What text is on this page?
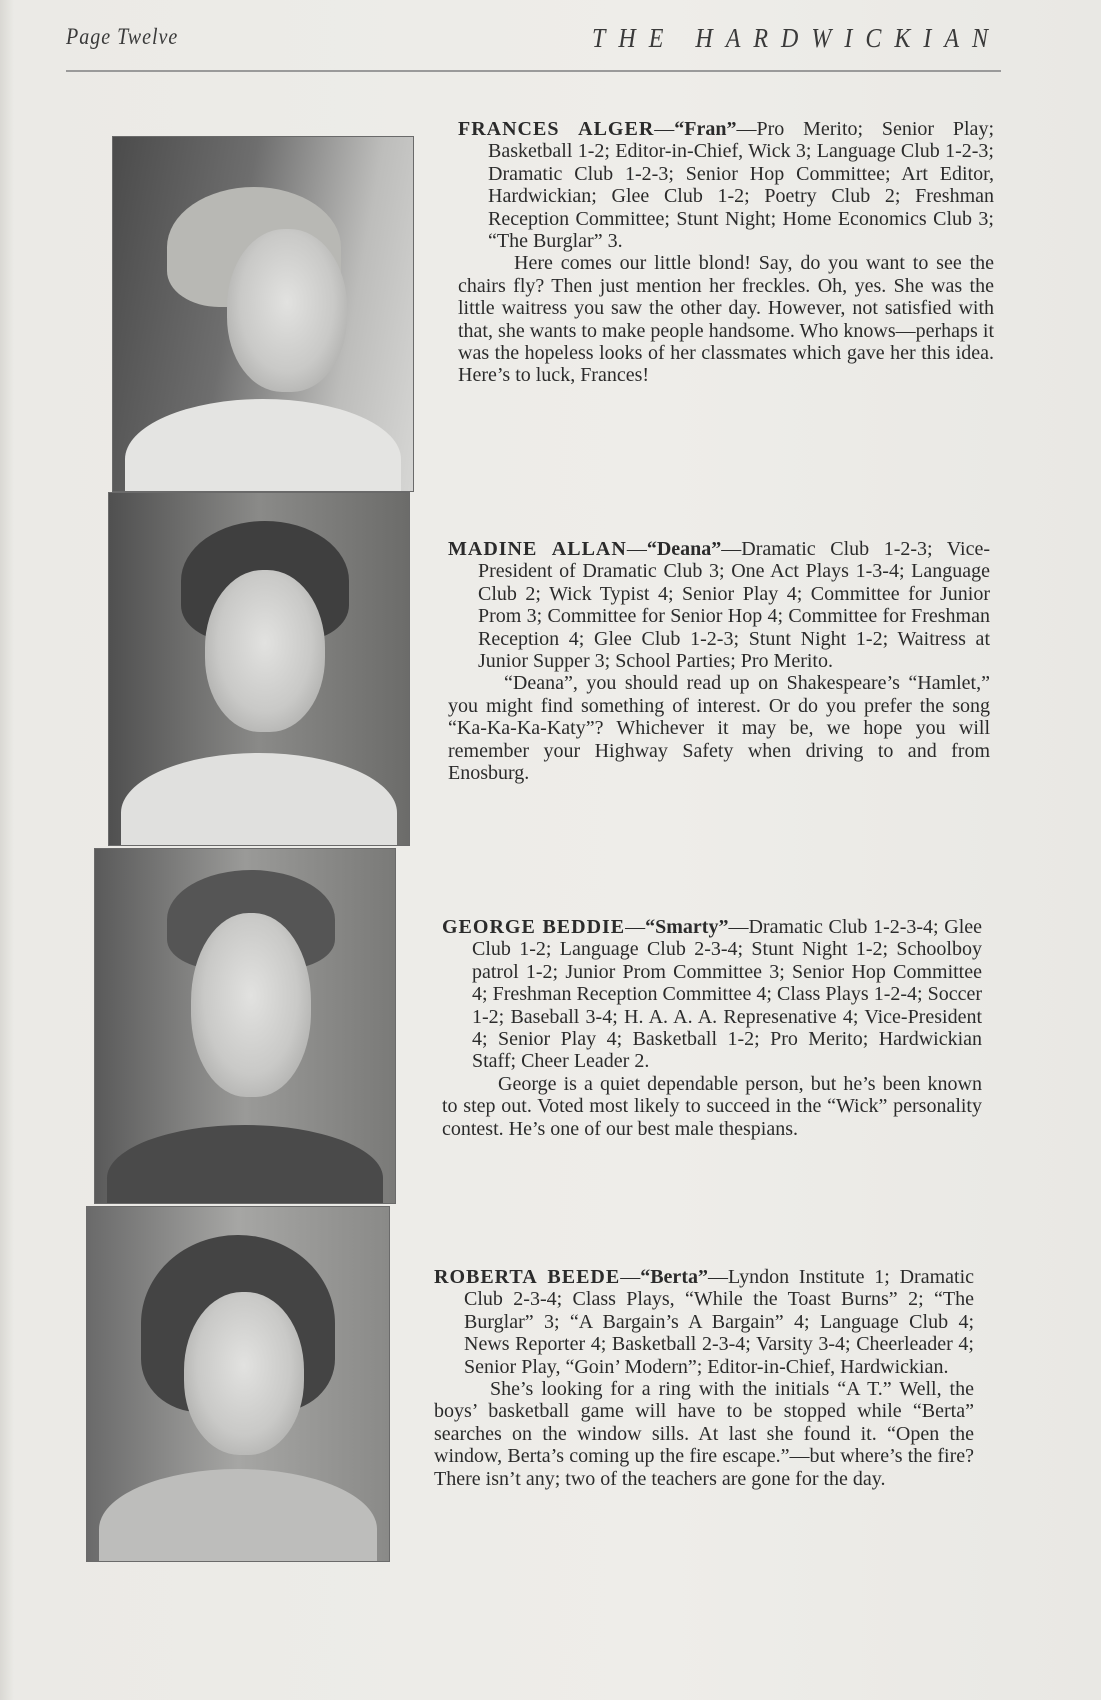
Page Twelve	THE HARDWICKIAN

FRANCES ALGER—“Fran”—Pro Merito; Senior Play; Basketball 1-2; Editor-in-Chief, Wick 3; Language Club 1-2-3; Dramatic Club 1-2-3; Senior Hop Committee; Art Editor, Hardwickian; Glee Club 1-2; Poetry Club 2; Freshman Reception Committee; Stunt Night; Home Economics Club 3; “The Burglar” 3.

Here comes our little blond! Say, do you want to see the chairs fly? Then just mention her freckles. Oh, yes. She was the little waitress you saw the other day. However, not satisfied with that, she wants to make people handsome. Who knows—perhaps it was the hopeless looks of her classmates which gave her this idea. Here’s to luck, Frances!

MADINE ALLAN—“Deana”—Dramatic Club 1-2-3; Vice-President of Dramatic Club 3; One Act Plays 1-3-4; Language Club 2; Wick Typist 4; Senior Play 4; Committee for Junior Prom 3; Committee for Senior Hop 4; Committee for Freshman Reception 4; Glee Club 1-2-3; Stunt Night 1-2; Waitress at Junior Supper 3; School Parties; Pro Merito.

“Deana”, you should read up on Shakespeare’s “Hamlet,” you might find something of interest. Or do you prefer the song “Ka-Ka-Ka-Katy”? Whichever it may be, we hope you will remember your Highway Safety when driving to and from Enosburg.

GEORGE BEDDIE—“Smarty”—Dramatic Club 1-2-3-4; Glee Club 1-2; Language Club 2-3-4; Stunt Night 1-2; Schoolboy patrol 1-2; Junior Prom Committee 3; Senior Hop Committee 4; Freshman Reception Committee 4; Class Plays 1-2-4; Soccer 1-2; Baseball 3-4; H. A. A. A. Represenative 4; Vice-President 4; Senior Play 4; Basketball 1-2; Pro Merito; Hardwickian Staff; Cheer Leader 2.

George is a quiet dependable person, but he’s been known to step out. Voted most likely to succeed in the “Wick” personality contest. He’s one of our best male thespians.

ROBERTA BEEDE—“Berta”—Lyndon Institute 1; Dramatic Club 2-3-4; Class Plays, “While the Toast Burns” 2; “The Burglar” 3; “A Bargain’s A Bargain” 4; Language Club 4; News Reporter 4; Basketball 2-3-4; Varsity 3-4; Cheerleader 4; Senior Play, “Goin’ Modern”; Editor-in-Chief, Hardwickian.

She’s looking for a ring with the initials “A T.” Well, the boys’ basketball game will have to be stopped while “Berta” searches on the window sills. At last she found it. “Open the window, Berta’s coming up the fire escape.”—but where’s the fire? There isn’t any; two of the teachers are gone for the day.
